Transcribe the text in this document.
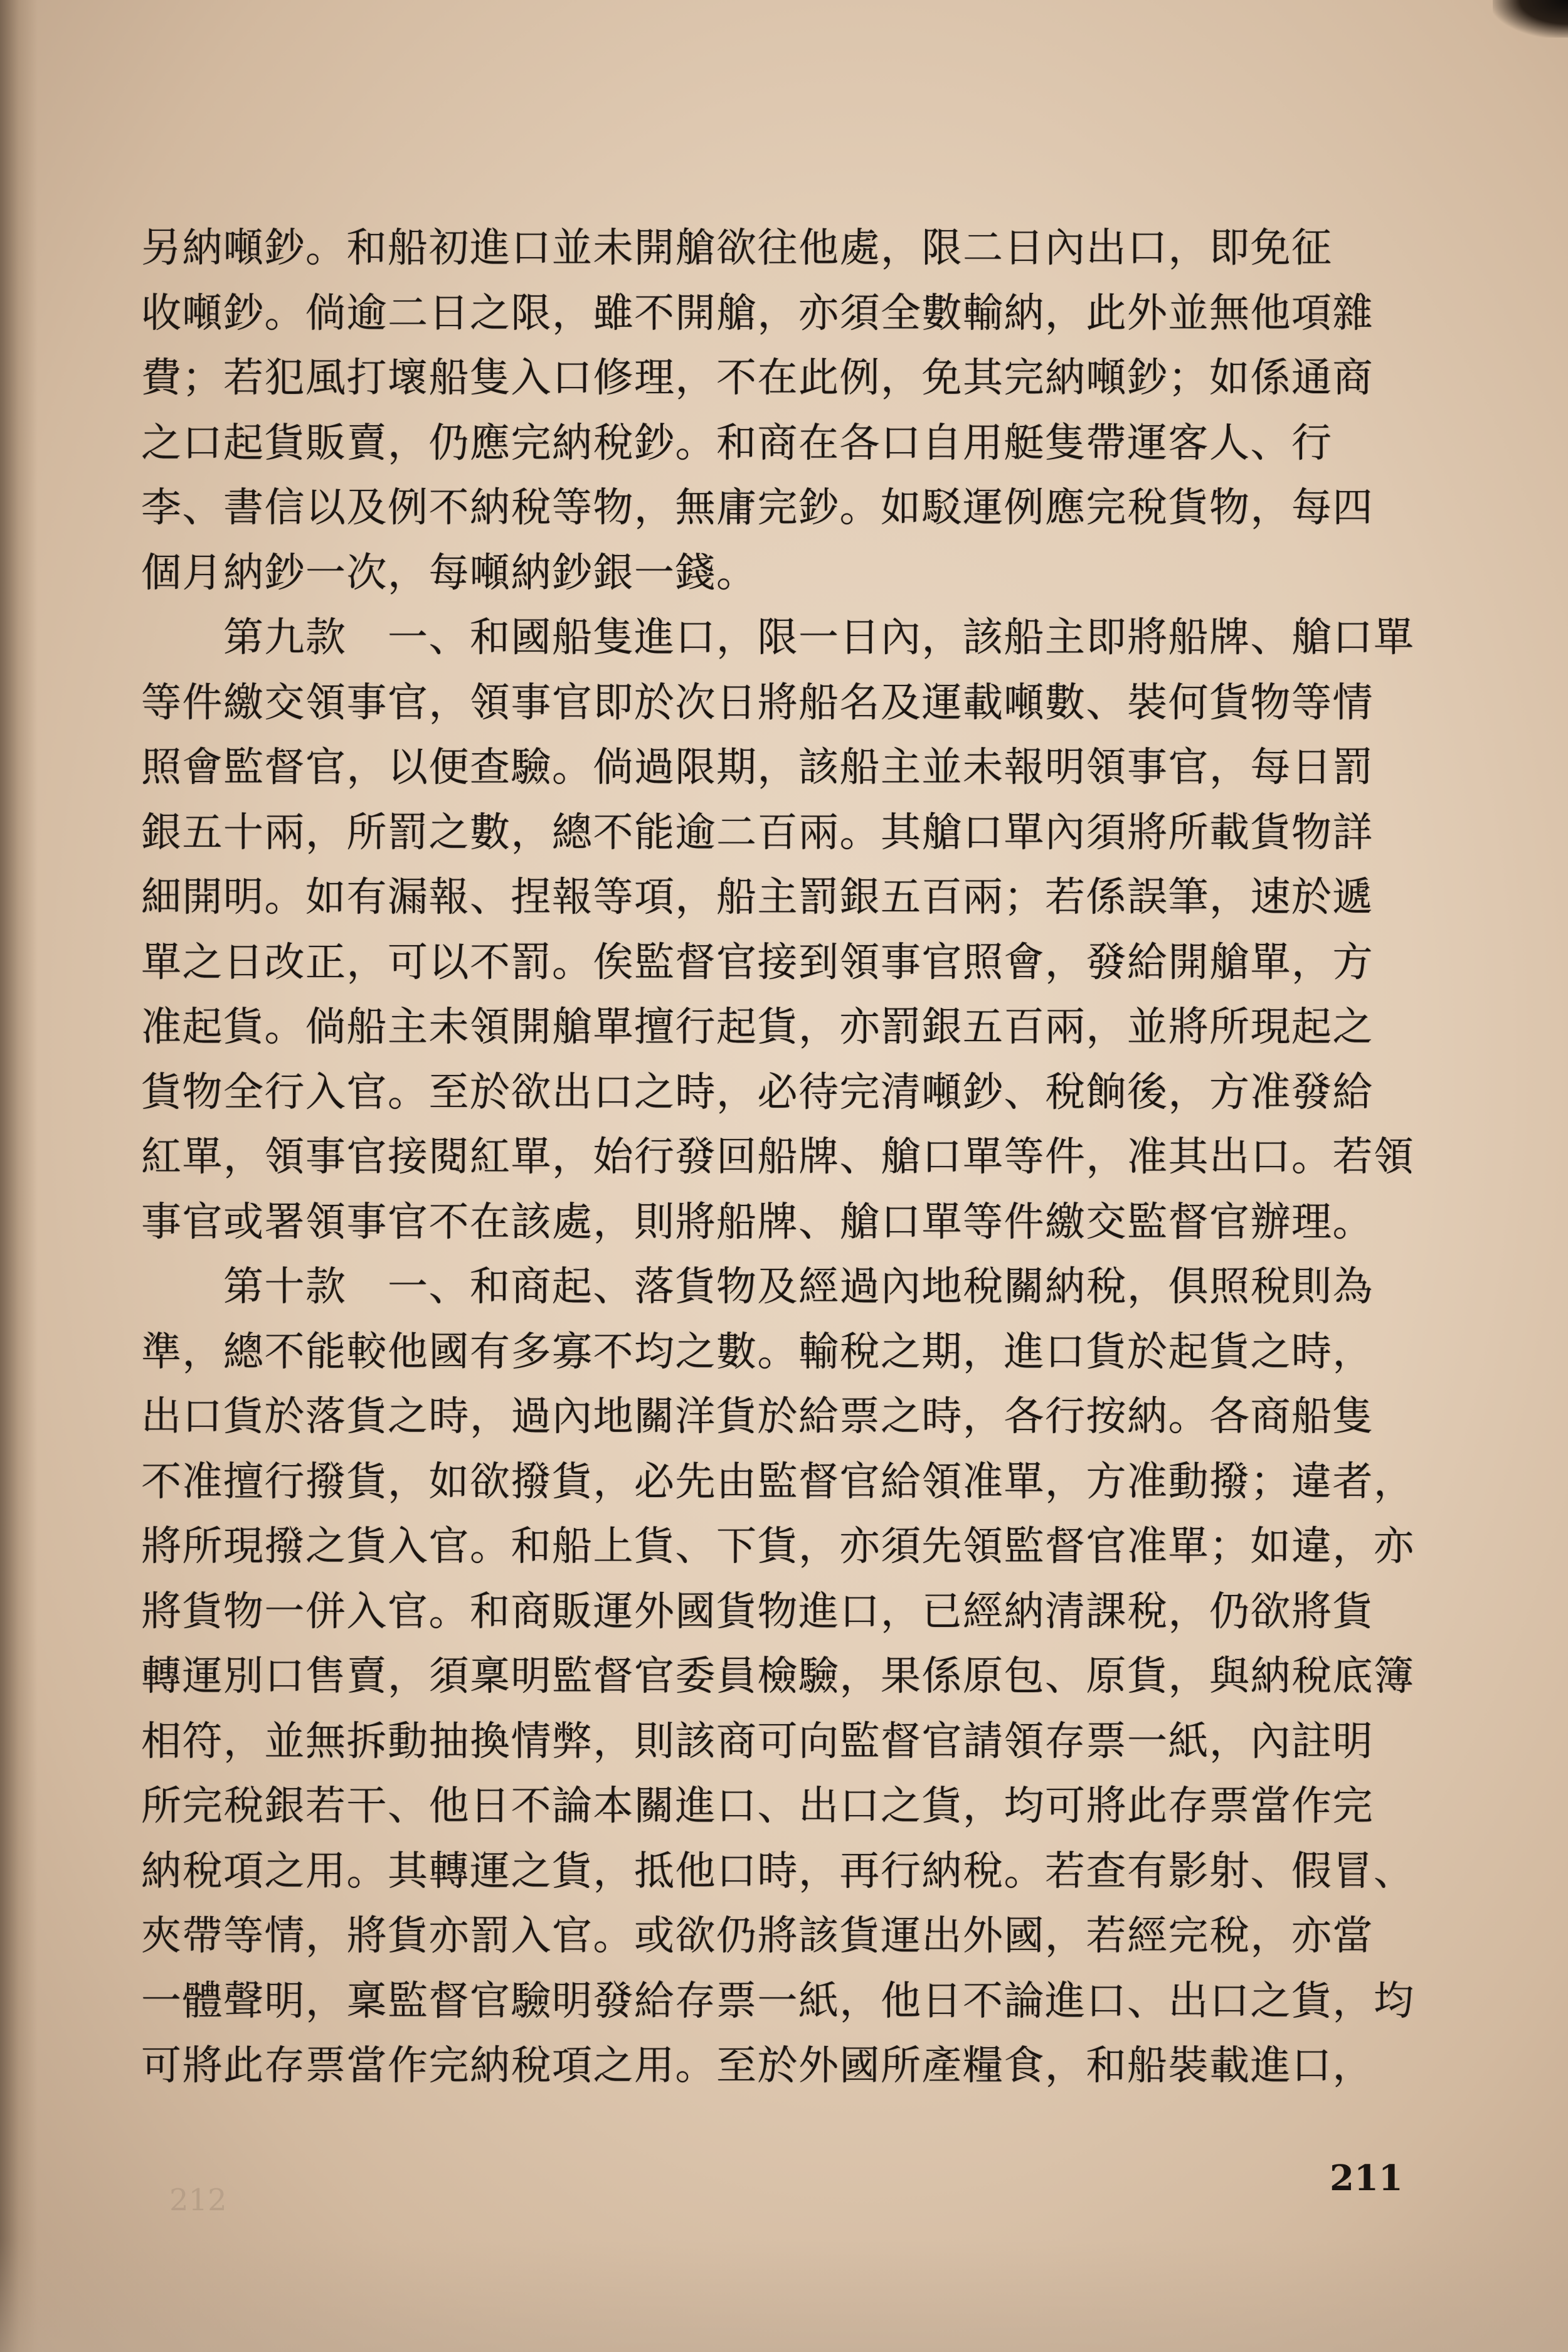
212

另納噸鈔。和船初進口並未開艙欲往他處，限二日內出口，即免征

收噸鈔。倘逾二日之限，雖不開艙，亦須全數輸納，此外並無他項雜

費；若犯風打壞船隻入口修理，不在此例，免其完納噸鈔；如係通商

之口起貨販賣，仍應完納稅鈔。和商在各口自用艇隻帶運客人、行

李、書信以及例不納稅等物，無庸完鈔。如駁運例應完稅貨物，每四

個月納鈔一次，每噸納鈔銀一錢。

　　第九款　一、和國船隻進口，限一日內，該船主即將船牌、艙口單

等件繳交領事官，領事官即於次日將船名及運載噸數、裝何貨物等情

照會監督官，以便查驗。倘過限期，該船主並未報明領事官，每日罰

銀五十兩，所罰之數，總不能逾二百兩。其艙口單內須將所載貨物詳

細開明。如有漏報、捏報等項，船主罰銀五百兩；若係誤筆，速於遞

單之日改正，可以不罰。俟監督官接到領事官照會，發給開艙單，方

准起貨。倘船主未領開艙單擅行起貨，亦罰銀五百兩，並將所現起之

貨物全行入官。至於欲出口之時，必待完清噸鈔、稅餉後，方准發給

紅單，領事官接閱紅單，始行發回船牌、艙口單等件，准其出口。若領

事官或署領事官不在該處，則將船牌、艙口單等件繳交監督官辦理。

　　第十款　一、和商起、落貨物及經過內地稅關納稅，俱照稅則為

準，總不能較他國有多寡不均之數。輸稅之期，進口貨於起貨之時，

出口貨於落貨之時，過內地關洋貨於給票之時，各行按納。各商船隻

不准擅行撥貨，如欲撥貨，必先由監督官給領准單，方准動撥；違者，

將所現撥之貨入官。和船上貨、下貨，亦須先領監督官准單；如違，亦

將貨物一併入官。和商販運外國貨物進口，已經納清課稅，仍欲將貨

轉運別口售賣，須稟明監督官委員檢驗，果係原包、原貨，與納稅底簿

相符，並無拆動抽換情弊，則該商可向監督官請領存票一紙，內註明

所完稅銀若干、他日不論本關進口、出口之貨，均可將此存票當作完

納稅項之用。其轉運之貨，抵他口時，再行納稅。若查有影射、假冒、

夾帶等情，將貨亦罰入官。或欲仍將該貨運出外國，若經完稅，亦當

一體聲明，稟監督官驗明發給存票一紙，他日不論進口、出口之貨，均

可將此存票當作完納稅項之用。至於外國所產糧食，和船裝載進口，

211
